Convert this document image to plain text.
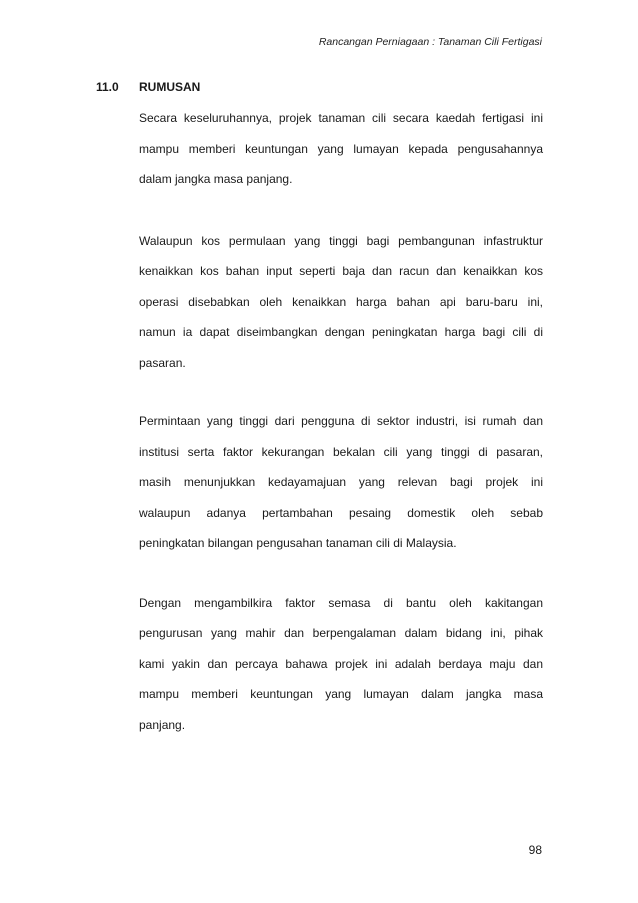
Rancangan Perniagaan : Tanaman Cili Fertigasi
11.0 RUMUSAN
Secara keseluruhannya, projek tanaman cili secara kaedah fertigasi ini
mampu memberi keuntungan yang lumayan kepada pengusahannya
dalam jangka masa panjang.
Walaupun kos permulaan yang tinggi bagi pembangunan infastruktur
kenaikkan kos bahan input seperti baja dan racun dan kenaikkan kos
operasi disebabkan oleh kenaikkan harga bahan api baru-baru ini,
namun ia dapat diseimbangkan dengan peningkatan harga bagi cili di
pasaran.
Permintaan yang tinggi dari pengguna di sektor industri, isi rumah dan
institusi serta faktor kekurangan bekalan cili yang tinggi di pasaran,
masih menunjukkan kedayamajuan yang relevan bagi projek ini
walaupun adanya pertambahan pesaing domestik oleh sebab
peningkatan bilangan pengusahan tanaman cili di Malaysia.
Dengan mengambilkira faktor semasa di bantu oleh kakitangan
pengurusan yang mahir dan berpengalaman dalam bidang ini, pihak
kami yakin dan percaya bahawa projek ini adalah berdaya maju dan
mampu memberi keuntungan yang lumayan dalam jangka masa
panjang.
98
